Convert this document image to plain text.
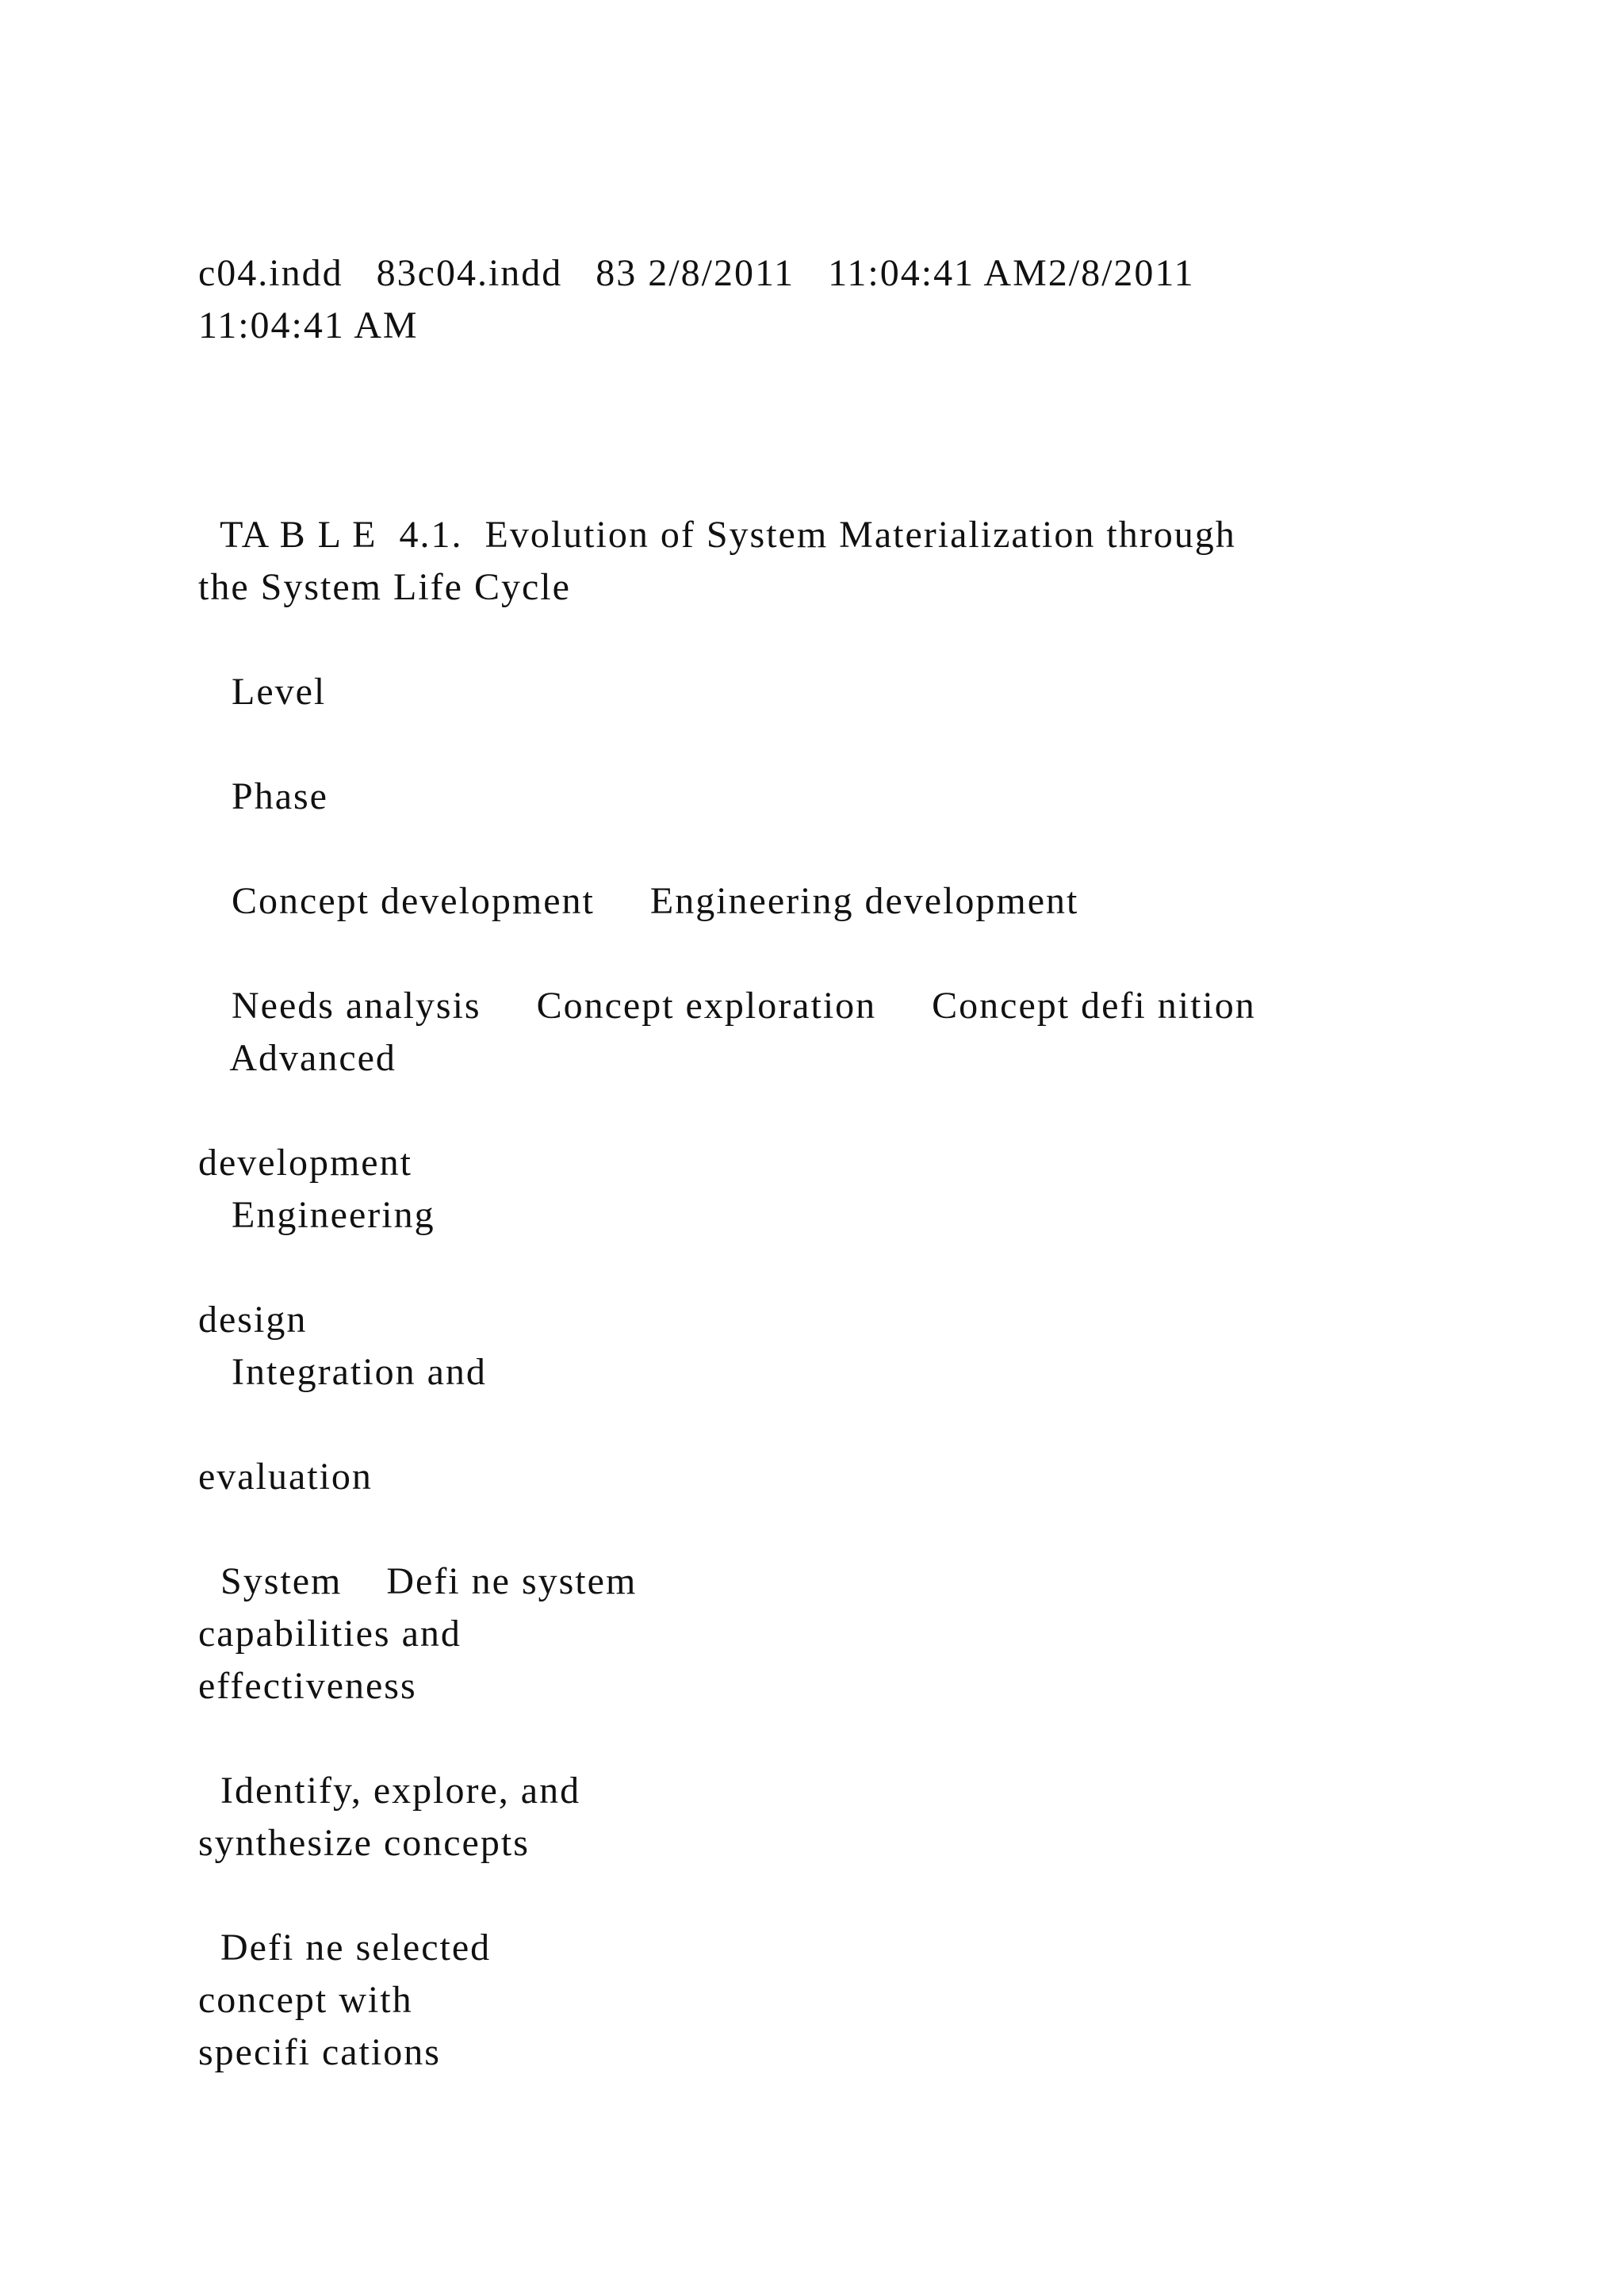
c04.indd   83c04.indd   83 2/8/2011   11:04:41 AM2/8/2011
11:04:41 AM
TA B L E  4.1.  Evolution of System Materialization through
the System Life Cycle
Level
Phase
Concept development     Engineering development
Needs analysis     Concept exploration     Concept defi nition
Advanced
development
Engineering
design
Integration and
evaluation
System    Defi ne system
capabilities and
effectiveness
Identify, explore, and
synthesize concepts
Defi ne selected
concept with
specifi cations
